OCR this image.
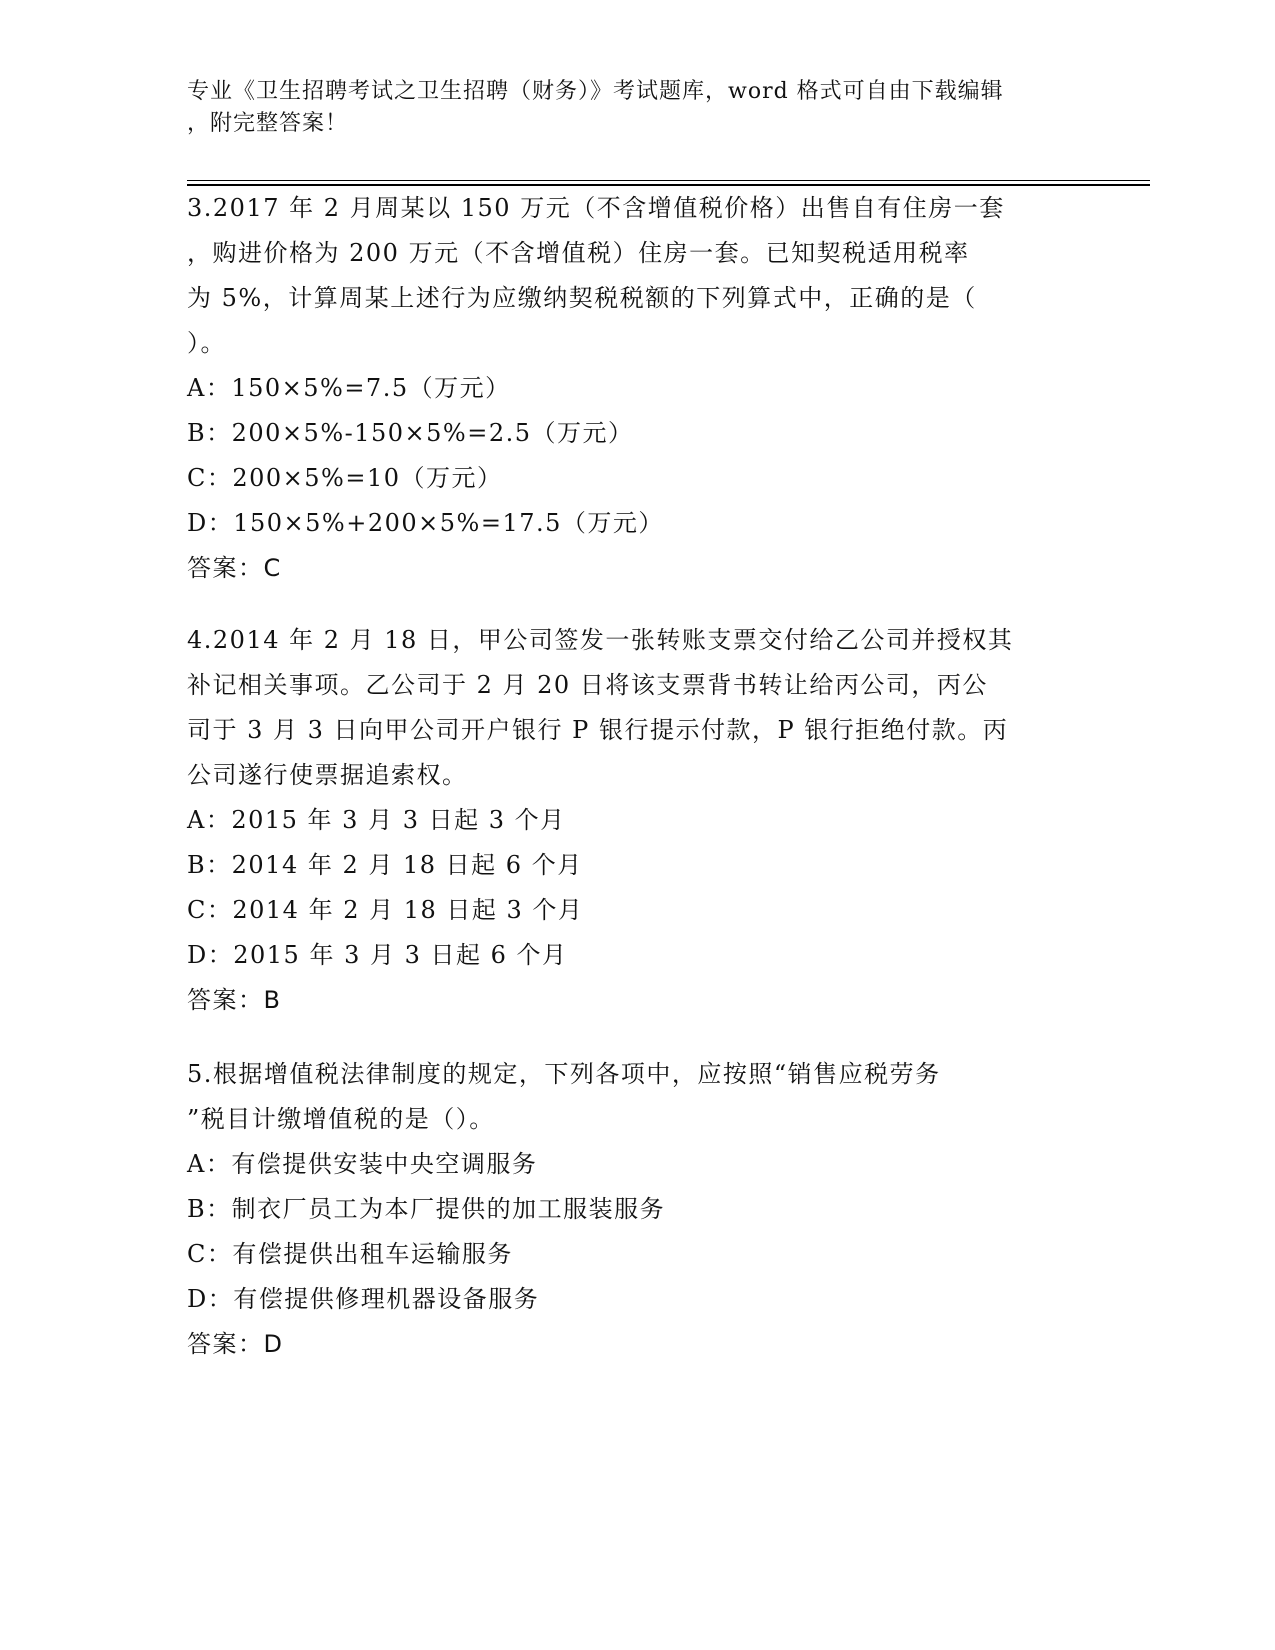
专业《卫生招聘考试之卫生招聘（财务）》考试题库，word 格式可自由下载编辑
，附完整答案！
3.2017 年 2 月周某以 150 万元（不含增值税价格）出售自有住房一套
，购进价格为 200 万元（不含增值税）住房一套。已知契税适用税率
为 5%，计算周某上述行为应缴纳契税税额的下列算式中，正确的是（
）。
A：150×5%=7.5（万元）
B：200×5%-150×5%=2.5（万元）
C：200×5%=10（万元）
D：150×5%+200×5%=17.5（万元）
答案：C
4.2014 年 2 月 18 日，甲公司签发一张转账支票交付给乙公司并授权其
补记相关事项。乙公司于 2 月 20 日将该支票背书转让给丙公司，丙公
司于 3 月 3 日向甲公司开户银行 P 银行提示付款，P 银行拒绝付款。丙
公司遂行使票据追索权。
A：2015 年 3 月 3 日起 3 个月
B：2014 年 2 月 18 日起 6 个月
C：2014 年 2 月 18 日起 3 个月
D：2015 年 3 月 3 日起 6 个月
答案：B
5.根据增值税法律制度的规定，下列各项中，应按照“销售应税劳务
”税目计缴增值税的是（）。
A：有偿提供安装中央空调服务
B：制衣厂员工为本厂提供的加工服装服务
C：有偿提供出租车运输服务
D：有偿提供修理机器设备服务
答案：D
